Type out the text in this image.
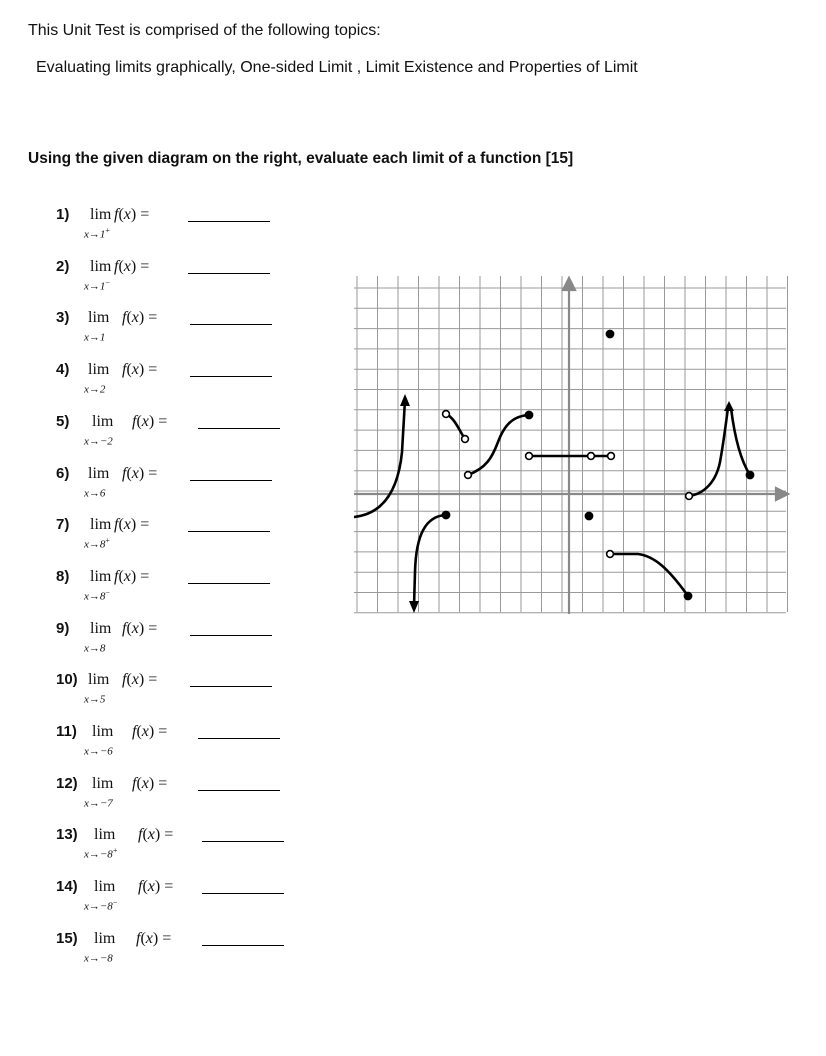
This Unit Test is comprised of the following topics:
Evaluating limits graphically, One-sided Limit , Limit Existence and Properties of Limit
Using the given diagram on the right, evaluate each limit of a function [15]
1) lim
x→1+
f(x) =
2) lim
x→1−
f(x) =
3) lim
x→1
f(x) =
4) lim
x→2
f(x) =
5) lim
x→−2
f(x) =
6) lim
x→6
f(x) =
7) lim
x→8+
f(x) =
8) lim
x→8−
f(x) =
9) lim
x→8
f(x) =
10) lim
x→5
f(x) =
11) lim
x→−6
f(x) =
12) lim
x→−7
f(x) =
13) lim
x→−8+
f(x) =
14) lim
x→−8−
f(x) =
15) lim
x→−8
f(x) =
